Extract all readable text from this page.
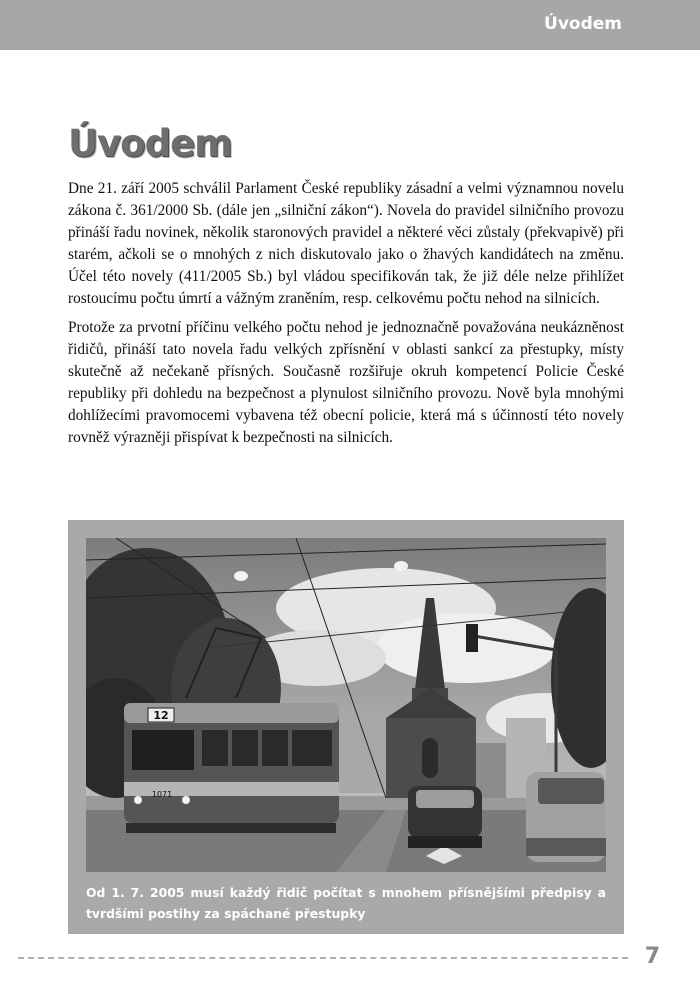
Úvodem
Úvodem

Dne 21. září 2005 schválil Parlament České republiky zásadní a velmi významnou novelu zákona č. 361/2000 Sb. (dále jen „silniční zákon“). Novela do pravidel silničního provozu přináší řadu novinek, několik staronových pravidel a některé věci zůstaly (překvapivě) při starém, ačkoli se o mnohých z nich diskutovalo jako o žhavých kandidátech na změnu. Účel této novely (411/2005 Sb.) byl vládou specifikován tak, že již déle nelze přihlížet rostoucímu počtu úmrtí a vážným zraněním, resp. celkovému počtu nehod na silnicích.

Protože za prvotní příčinu velkého počtu nehod je jednoznačně považována neukázněnost řidičů, přináší tato novela řadu velkých zpřísnění v oblasti sankcí za přestupky, místy skutečně až nečekaně přísných. Současně rozšiřuje okruh kompetencí Policie České republiky při dohledu na bezpečnost a plynulost silničního provozu. Nově byla mnohými dohlížecími pravomocemi vybavena též obecní policie, která má s účinností této novely rovněž výrazněji přispívat k bezpečnosti na silnicích.

12
1071
Od 1. 7. 2005 musí každý řidič počítat s mnohem přísnějšími předpisy a tvrdšími postihy za spáchané přestupky
7
